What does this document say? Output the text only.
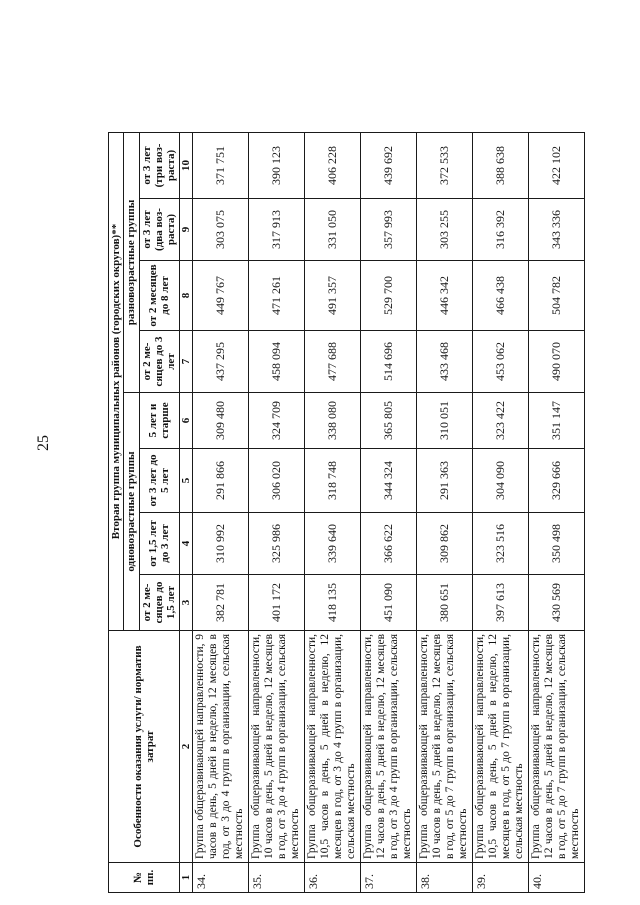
25
№ пп.	Особенности оказания услуги/ норматив затрат	Вторая группа муниципальных районов (городских округов)**							
		одновозрастные группы				разновозрастные группы			
		от 2 ме-сяцев до 1,5 лет	от 1,5 лет до 3 лет	от 3 лет до 5 лет	5 лет и старше	от 2 ме-сяцев до 3 лет	от 2 месяцев до 8 лет	от 3 лет (два воз-раста)	от 3 лет (три воз-раста)
1	2	3	4	5	6	7	8	9	10
34.	Группа общеразвивающей направленности, 9 часов в день, 5 дней в неделю, 12 месяцев в год, от 3 до 4 групп в организации, сельская местность	382 781	310 992	291 866	309 480	437 295	449 767	303 075	371 751
35.	Группа общеразвивающей направленности, 10 часов в день, 5 дней в неделю, 12 месяцев в год, от 3 до 4 групп в организации, сельская местность	401 172	325 986	306 020	324 709	458 094	471 261	317 913	390 123
36.	Группа общеразвивающей направленности, 10,5 часов в день, 5 дней в неделю, 12 месяцев в год, от 3 до 4 групп в организации, сельская местность	418 135	339 640	318 748	338 080	477 688	491 357	331 050	406 228
37.	Группа общеразвивающей направленности, 12 часов в день, 5 дней в неделю, 12 месяцев в год, от 3 до 4 групп в организации, сельская местность	451 090	366 622	344 324	365 805	514 696	529 700	357 993	439 692
38.	Группа общеразвивающей направленности, 10 часов в день, 5 дней в неделю, 12 месяцев в год, от 5 до 7 групп в организации, сельская местность	380 651	309 862	291 363	310 051	433 468	446 342	303 255	372 533
39.	Группа общеразвивающей направленности, 10,5 часов в день, 5 дней в неделю, 12 месяцев в год, от 5 до 7 групп в организации, сельская местность	397 613	323 516	304 090	323 422	453 062	466 438	316 392	388 638
40.	Группа общеразвивающей направленности, 12 часов в день, 5 дней в неделю, 12 месяцев в год, от 5 до 7 групп в организации, сельская местность	430 569	350 498	329 666	351 147	490 070	504 782	343 336	422 102
